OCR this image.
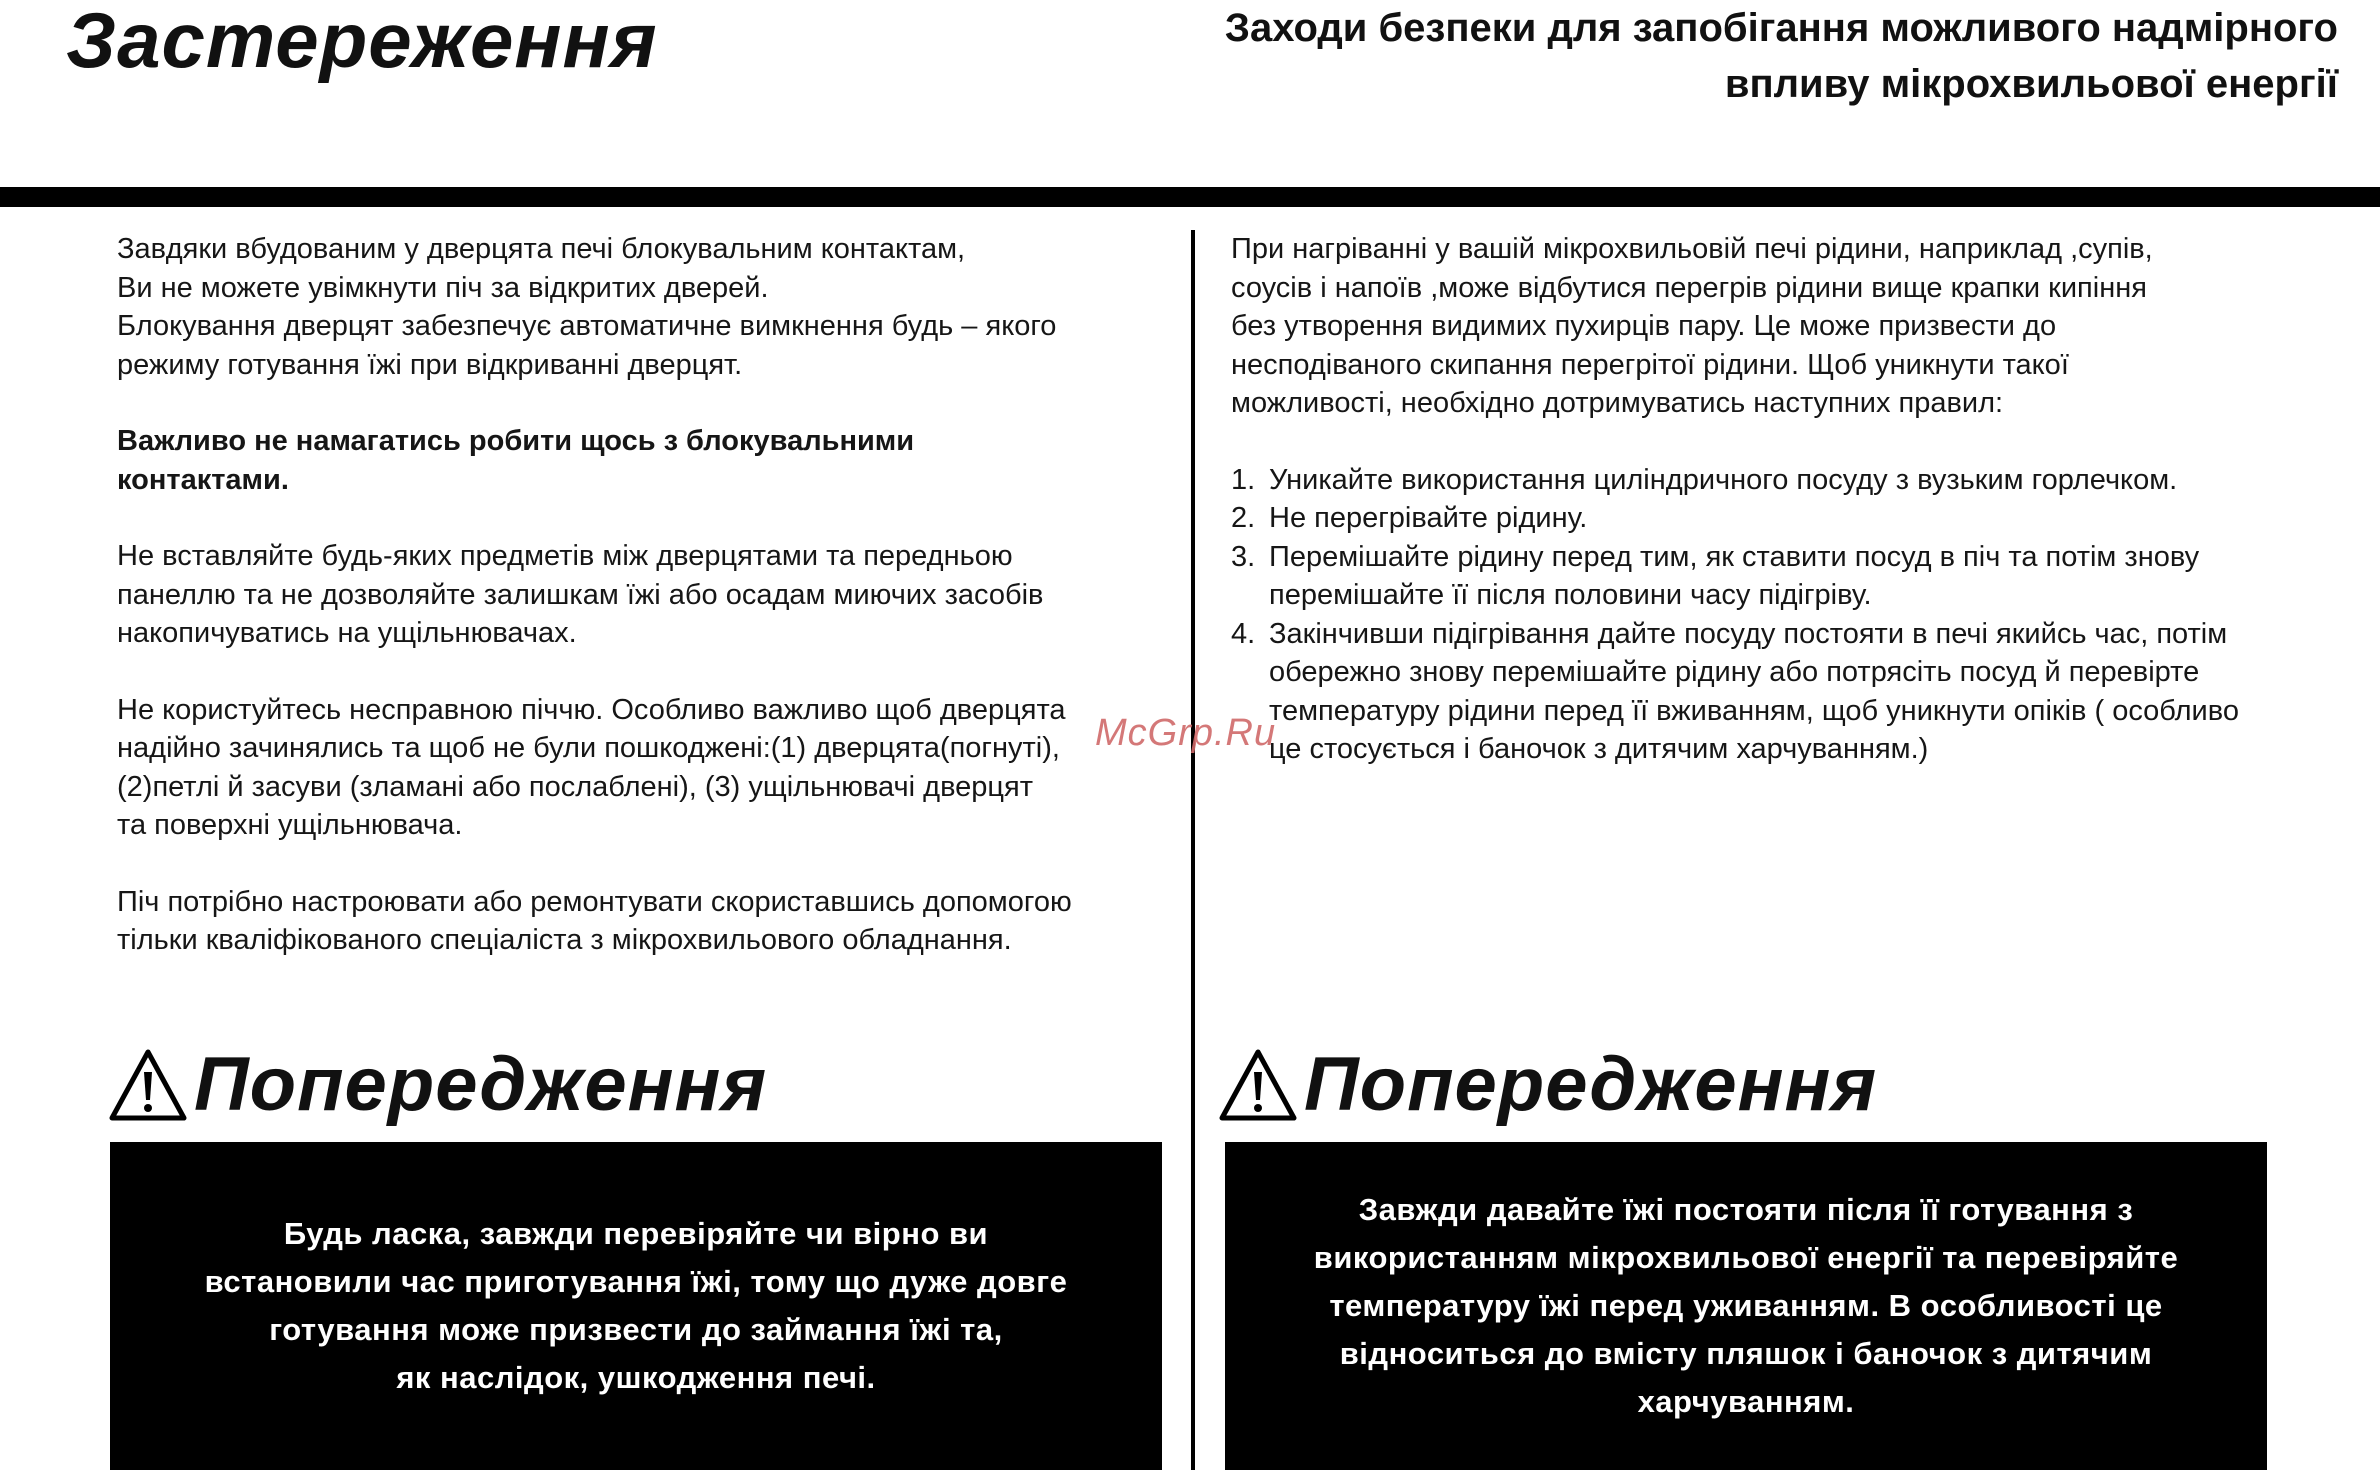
Застереження	Заходи безпеки для запобігання можливого надмірного
впливу мікрохвильової енергії

Завдяки вбудованим у дверцята печі блокувальним контактам,
Ви не можете увімкнути піч за відкритих дверей.
Блокування дверцят забезпечує автоматичне вимкнення будь – якого
режиму готування їжі при відкриванні дверцят.

Важливо не намагатись робити щось з блокувальними
контактами.

Не вставляйте будь-яких предметів між дверцятами та передньою
панеллю та не дозволяйте залишкам їжі або осадам миючих засобів
накопичуватись на ущільнювачах.

Не користуйтесь несправною піччю. Особливо важливо щоб дверцята
надійно зачинялись та щоб не були пошкоджені:(1) дверцята(погнуті),
(2)петлі й засуви (зламані або послаблені), (3) ущільнювачі дверцят
та поверхні ущільнювача.

Піч потрібно настроювати або ремонтувати скориставшись допомогою
тільки кваліфікованого спеціаліста з мікрохвильового обладнання.

При нагріванні у вашій мікрохвильовій печі рідини, наприклад ,супів,
соусів і напоїв ,може відбутися перегрів рідини вище крапки кипіння
без утворення видимих пухирців пару. Це може призвести до
несподіваного скипання перегрітої рідини. Щоб уникнути такої
можливості, необхідно дотримуватись наступних правил:

1. Уникайте використання циліндричного посуду з вузьким горлечком.
2. Не перегрівайте рідину.
3. Перемішайте рідину перед тим, як ставити посуд в піч та потім знову
перемішайте її після половини часу підігріву.
4. Закінчивши підігрівання дайте посуду постояти в печі якийсь час, потім
обережно знову перемішайте рідину або потрясіть посуд й перевірте
температуру рідини перед її вживанням, щоб уникнути опіків ( особливо
це стосується і баночок з дитячим харчуванням.)
McGrp.Ru
Попередження
Будь ласка, завжди перевіряйте чи вірно ви
встановили час приготування їжі, тому що дуже довге
готування може призвести до займання їжі та,
як наслідок, ушкодження печі.
Попередження
Завжди давайте їжі постояти після її готування з
використанням мікрохвильової енергії та перевіряйте
температуру їжі перед уживанням. В особливості це
відноситься до вмісту пляшок і баночок з дитячим
харчуванням.
